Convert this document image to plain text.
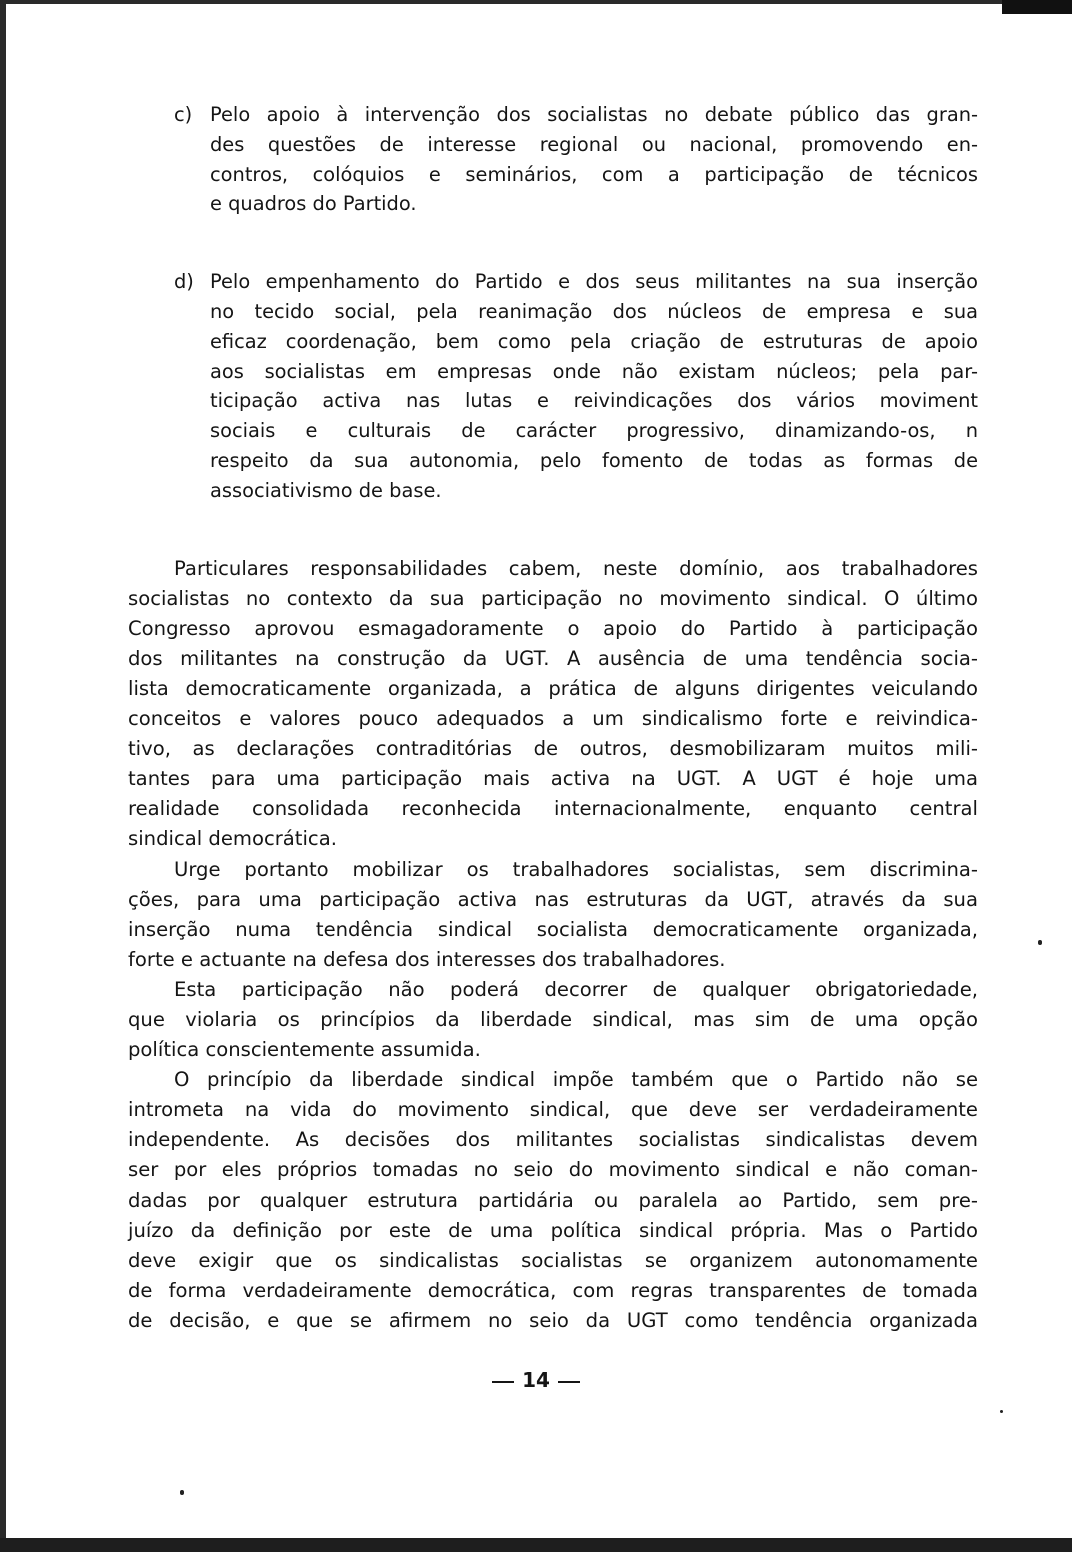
c) Pelo apoio à intervenção dos socialistas no debate público das gran-
des questões de interesse regional ou nacional, promovendo en-
contros, colóquios e seminários, com a participação de técnicos
e quadros do Partido.
d) Pelo empenhamento do Partido e dos seus militantes na sua inserção
no tecido social, pela reanimação dos núcleos de empresa e sua
eficaz coordenação, bem como pela criação de estruturas de apoio
aos socialistas em empresas onde não existam núcleos; pela par-
ticipação activa nas lutas e reivindicações dos vários moviment
sociais e culturais de carácter progressivo, dinamizando-os, n
respeito da sua autonomia, pelo fomento de todas as formas de
associativismo de base.
Particulares responsabilidades cabem, neste domínio, aos trabalhadores
socialistas no contexto da sua participação no movimento sindical. O último
Congresso aprovou esmagadoramente o apoio do Partido à participação
dos militantes na construção da UGT. A ausência de uma tendência socia-
lista democraticamente organizada, a prática de alguns dirigentes veiculando
conceitos e valores pouco adequados a um sindicalismo forte e reivindica-
tivo, as declarações contraditórias de outros, desmobilizaram muitos mili-
tantes para uma participação mais activa na UGT. A UGT é hoje uma
realidade consolidada reconhecida internacionalmente, enquanto central
sindical democrática.
Urge portanto mobilizar os trabalhadores socialistas, sem discrimina-
ções, para uma participação activa nas estruturas da UGT, através da sua
inserção numa tendência sindical socialista democraticamente organizada,
forte e actuante na defesa dos interesses dos trabalhadores.
Esta participação não poderá decorrer de qualquer obrigatoriedade,
que violaria os princípios da liberdade sindical, mas sim de uma opção
política conscientemente assumida.
O princípio da liberdade sindical impõe também que o Partido não se
intrometa na vida do movimento sindical, que deve ser verdadeiramente
independente. As decisões dos militantes socialistas sindicalistas devem
ser por eles próprios tomadas no seio do movimento sindical e não coman-
dadas por qualquer estrutura partidária ou paralela ao Partido, sem pre-
juízo da definição por este de uma política sindical própria. Mas o Partido
deve exigir que os sindicalistas socialistas se organizem autonomamente
de forma verdadeiramente democrática, com regras transparentes de tomada
de decisão, e que se afirmem no seio da UGT como tendência organizada
14
